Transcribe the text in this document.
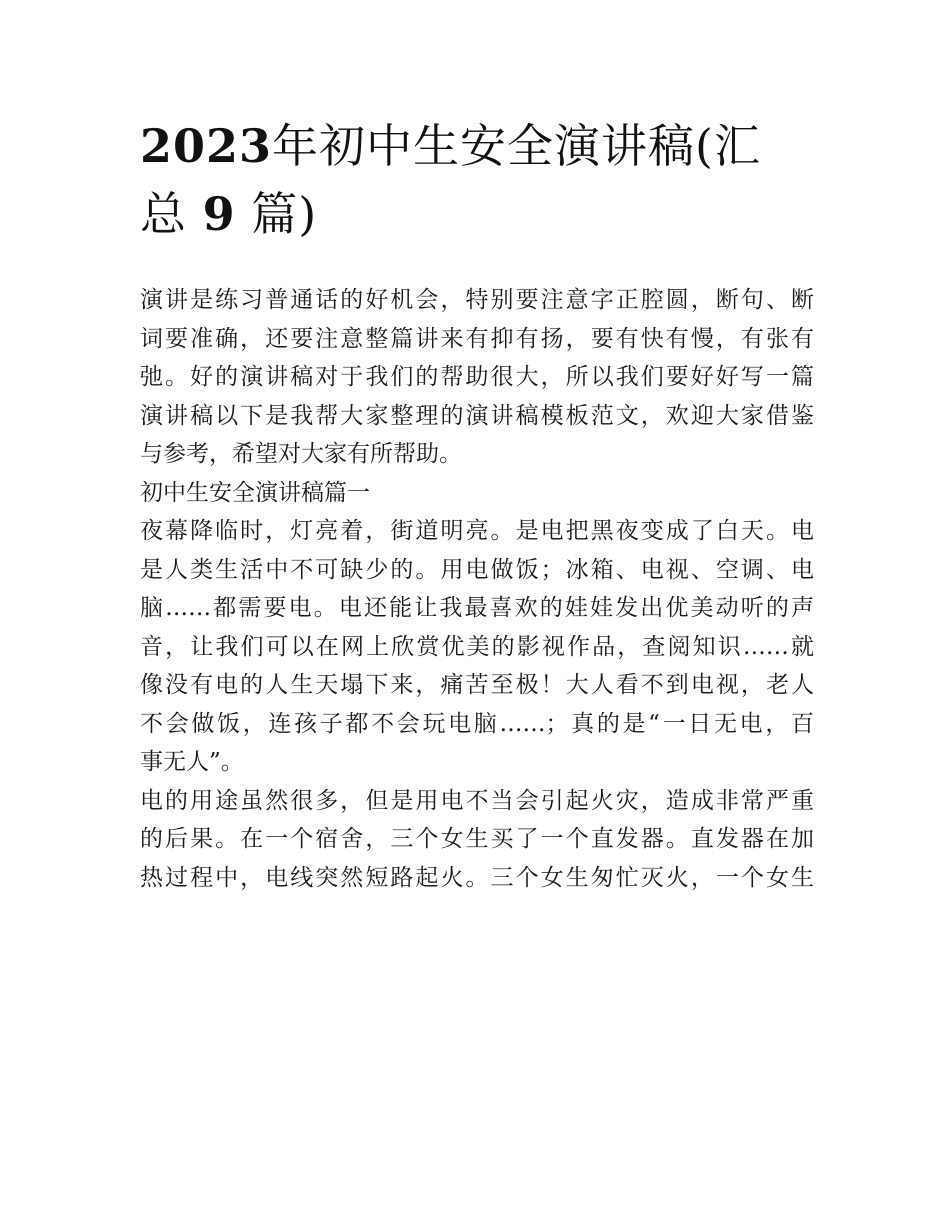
2023年初中生安全演讲稿(汇
总 9 篇)
演讲是练习普通话的好机会，特别要注意字正腔圆，断句、断
词要准确，还要注意整篇讲来有抑有扬，要有快有慢，有张有
弛。好的演讲稿对于我们的帮助很大，所以我们要好好写一篇
演讲稿以下是我帮大家整理的演讲稿模板范文，欢迎大家借鉴
与参考，希望对大家有所帮助。
初中生安全演讲稿篇一
夜幕降临时，灯亮着，街道明亮。是电把黑夜变成了白天。电
是人类生活中不可缺少的。用电做饭；冰箱、电视、空调、电
脑……都需要电。电还能让我最喜欢的娃娃发出优美动听的声
音，让我们可以在网上欣赏优美的影视作品，查阅知识……就
像没有电的人生天塌下来，痛苦至极！大人看不到电视，老人
不会做饭，连孩子都不会玩电脑……；真的是“一日无电，百
事无人”。
电的用途虽然很多，但是用电不当会引起火灾，造成非常严重
的后果。在一个宿舍，三个女生买了一个直发器。直发器在加
热过程中，电线突然短路起火。三个女生匆忙灭火，一个女生
